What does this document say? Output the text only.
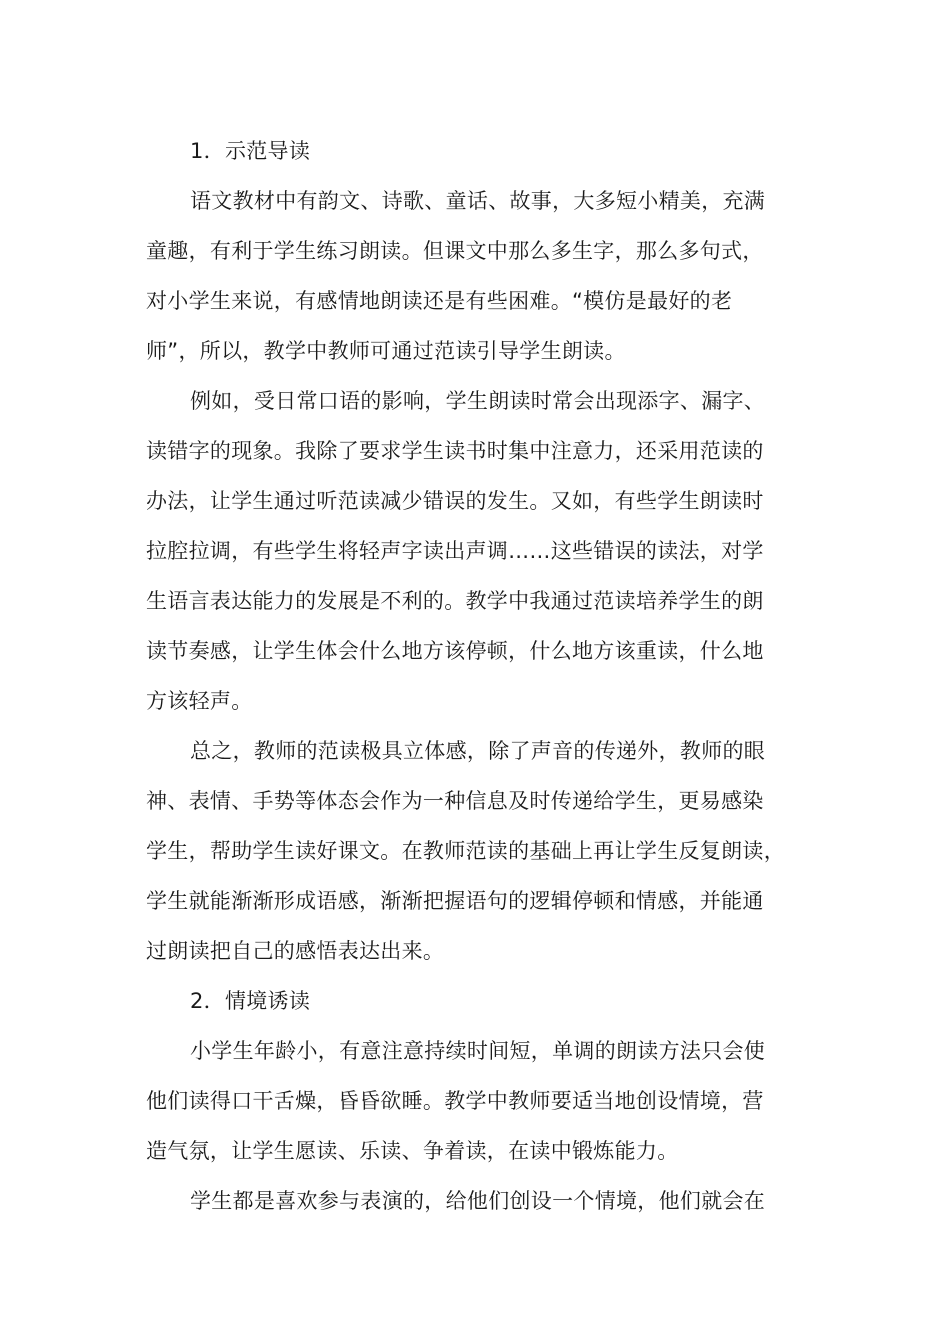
1．示范导读

语文教材中有韵文、诗歌、童话、故事，大多短小精美，充满
童趣，有利于学生练习朗读。但课文中那么多生字，那么多句式，
对小学生来说，有感情地朗读还是有些困难。“模仿是最好的老
师”，所以，教学中教师可通过范读引导学生朗读。

例如，受日常口语的影响，学生朗读时常会出现添字、漏字、
读错字的现象。我除了要求学生读书时集中注意力，还采用范读的
办法，让学生通过听范读减少错误的发生。又如，有些学生朗读时
拉腔拉调，有些学生将轻声字读出声调……这些错误的读法，对学
生语言表达能力的发展是不利的。教学中我通过范读培养学生的朗
读节奏感，让学生体会什么地方该停顿，什么地方该重读，什么地
方该轻声。

总之，教师的范读极具立体感，除了声音的传递外，教师的眼
神、表情、手势等体态会作为一种信息及时传递给学生，更易感染
学生，帮助学生读好课文。在教师范读的基础上再让学生反复朗读，
学生就能渐渐形成语感，渐渐把握语句的逻辑停顿和情感，并能通
过朗读把自己的感悟表达出来。

2．情境诱读

小学生年龄小，有意注意持续时间短，单调的朗读方法只会使
他们读得口干舌燥，昏昏欲睡。教学中教师要适当地创设情境，营
造气氛，让学生愿读、乐读、争着读，在读中锻炼能力。

学生都是喜欢参与表演的，给他们创设一个情境，他们就会在
